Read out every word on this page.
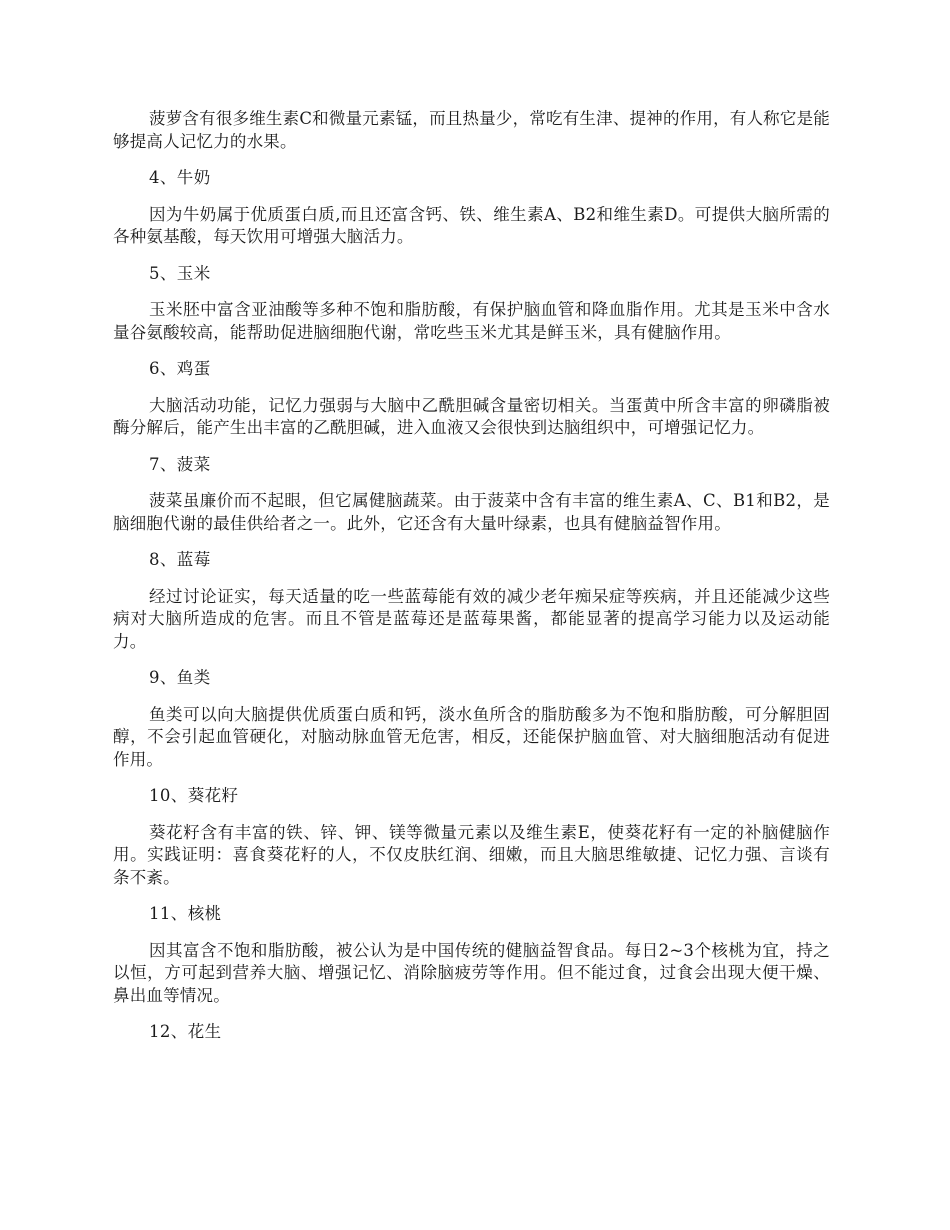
菠萝含有很多维生素C和微量元素锰，而且热量少，常吃有生津、提神的作用，有人称它是能够提高人记忆力的水果。

4、牛奶

因为牛奶属于优质蛋白质,而且还富含钙、铁、维生素A、B2和维生素D。可提供大脑所需的各种氨基酸，每天饮用可增强大脑活力。

5、玉米

玉米胚中富含亚油酸等多种不饱和脂肪酸，有保护脑血管和降血脂作用。尤其是玉米中含水量谷氨酸较高，能帮助促进脑细胞代谢，常吃些玉米尤其是鲜玉米，具有健脑作用。

6、鸡蛋

大脑活动功能，记忆力强弱与大脑中乙酰胆碱含量密切相关。当蛋黄中所含丰富的卵磷脂被酶分解后，能产生出丰富的乙酰胆碱，进入血液又会很快到达脑组织中，可增强记忆力。

7、菠菜

菠菜虽廉价而不起眼，但它属健脑蔬菜。由于菠菜中含有丰富的维生素A、C、B1和B2，是脑细胞代谢的最佳供给者之一。此外，它还含有大量叶绿素，也具有健脑益智作用。

8、蓝莓

经过讨论证实，每天适量的吃一些蓝莓能有效的减少老年痴呆症等疾病，并且还能减少这些病对大脑所造成的危害。而且不管是蓝莓还是蓝莓果酱，都能显著的提高学习能力以及运动能力。

9、鱼类

鱼类可以向大脑提供优质蛋白质和钙，淡水鱼所含的脂肪酸多为不饱和脂肪酸，可分解胆固醇，不会引起血管硬化，对脑动脉血管无危害，相反，还能保护脑血管、对大脑细胞活动有促进作用。

10、葵花籽

葵花籽含有丰富的铁、锌、钾、镁等微量元素以及维生素E，使葵花籽有一定的补脑健脑作用。实践证明：喜食葵花籽的人，不仅皮肤红润、细嫩，而且大脑思维敏捷、记忆力强、言谈有条不紊。

11、核桃

因其富含不饱和脂肪酸，被公认为是中国传统的健脑益智食品。每日2~3个核桃为宜，持之以恒，方可起到营养大脑、增强记忆、消除脑疲劳等作用。但不能过食，过食会出现大便干燥、鼻出血等情况。

12、花生
